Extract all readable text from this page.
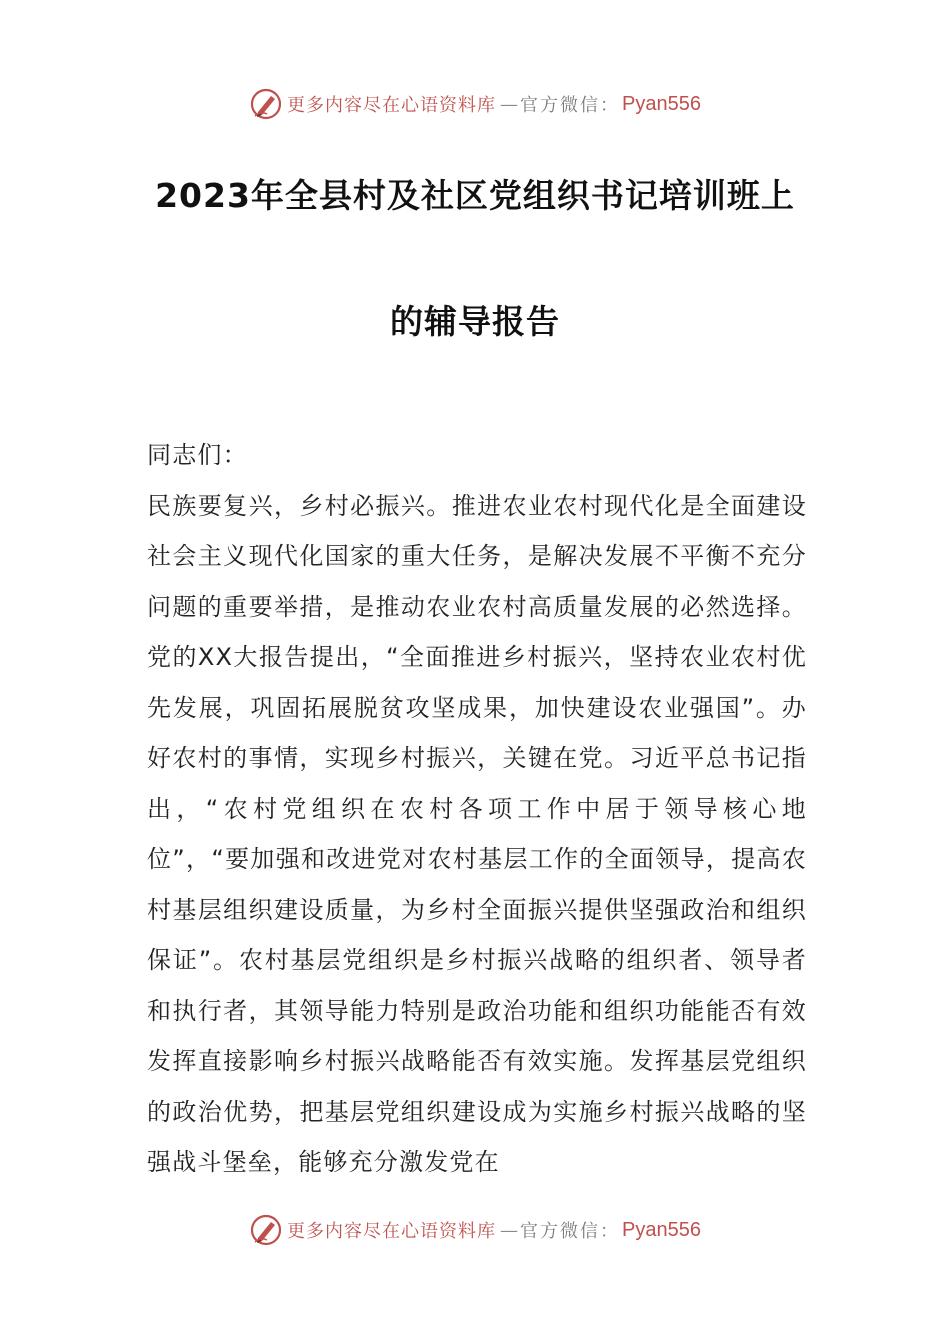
更多内容尽在心语资料库 — 官方微信： Pyan556
2023年全县村及社区党组织书记培训班上
的辅导报告

同志们：

民族要复兴，乡村必振兴。推进农业农村现代化是全面建设社会主义现代化国家的重大任务，是解决发展不平衡不充分问题的重要举措，是推动农业农村高质量发展的必然选择。党的XX大报告提出，“全面推进乡村振兴，坚持农业农村优先发展，巩固拓展脱贫攻坚成果，加快建设农业强国”。办好农村的事情，实现乡村振兴，关键在党。习近平总书记指出，“农村党组织在农村各项工作中居于领导核心地位”，“要加强和改进党对农村基层工作的全面领导，提高农村基层组织建设质量，为乡村全面振兴提供坚强政治和组织保证”。农村基层党组织是乡村振兴战略的组织者、领导者和执行者，其领导能力特别是政治功能和组织功能能否有效发挥直接影响乡村振兴战略能否有效实施。发挥基层党组织的政治优势，把基层党组织建设成为实施乡村振兴战略的坚强战斗堡垒，能够充分激发党在

更多内容尽在心语资料库 — 官方微信： Pyan556
